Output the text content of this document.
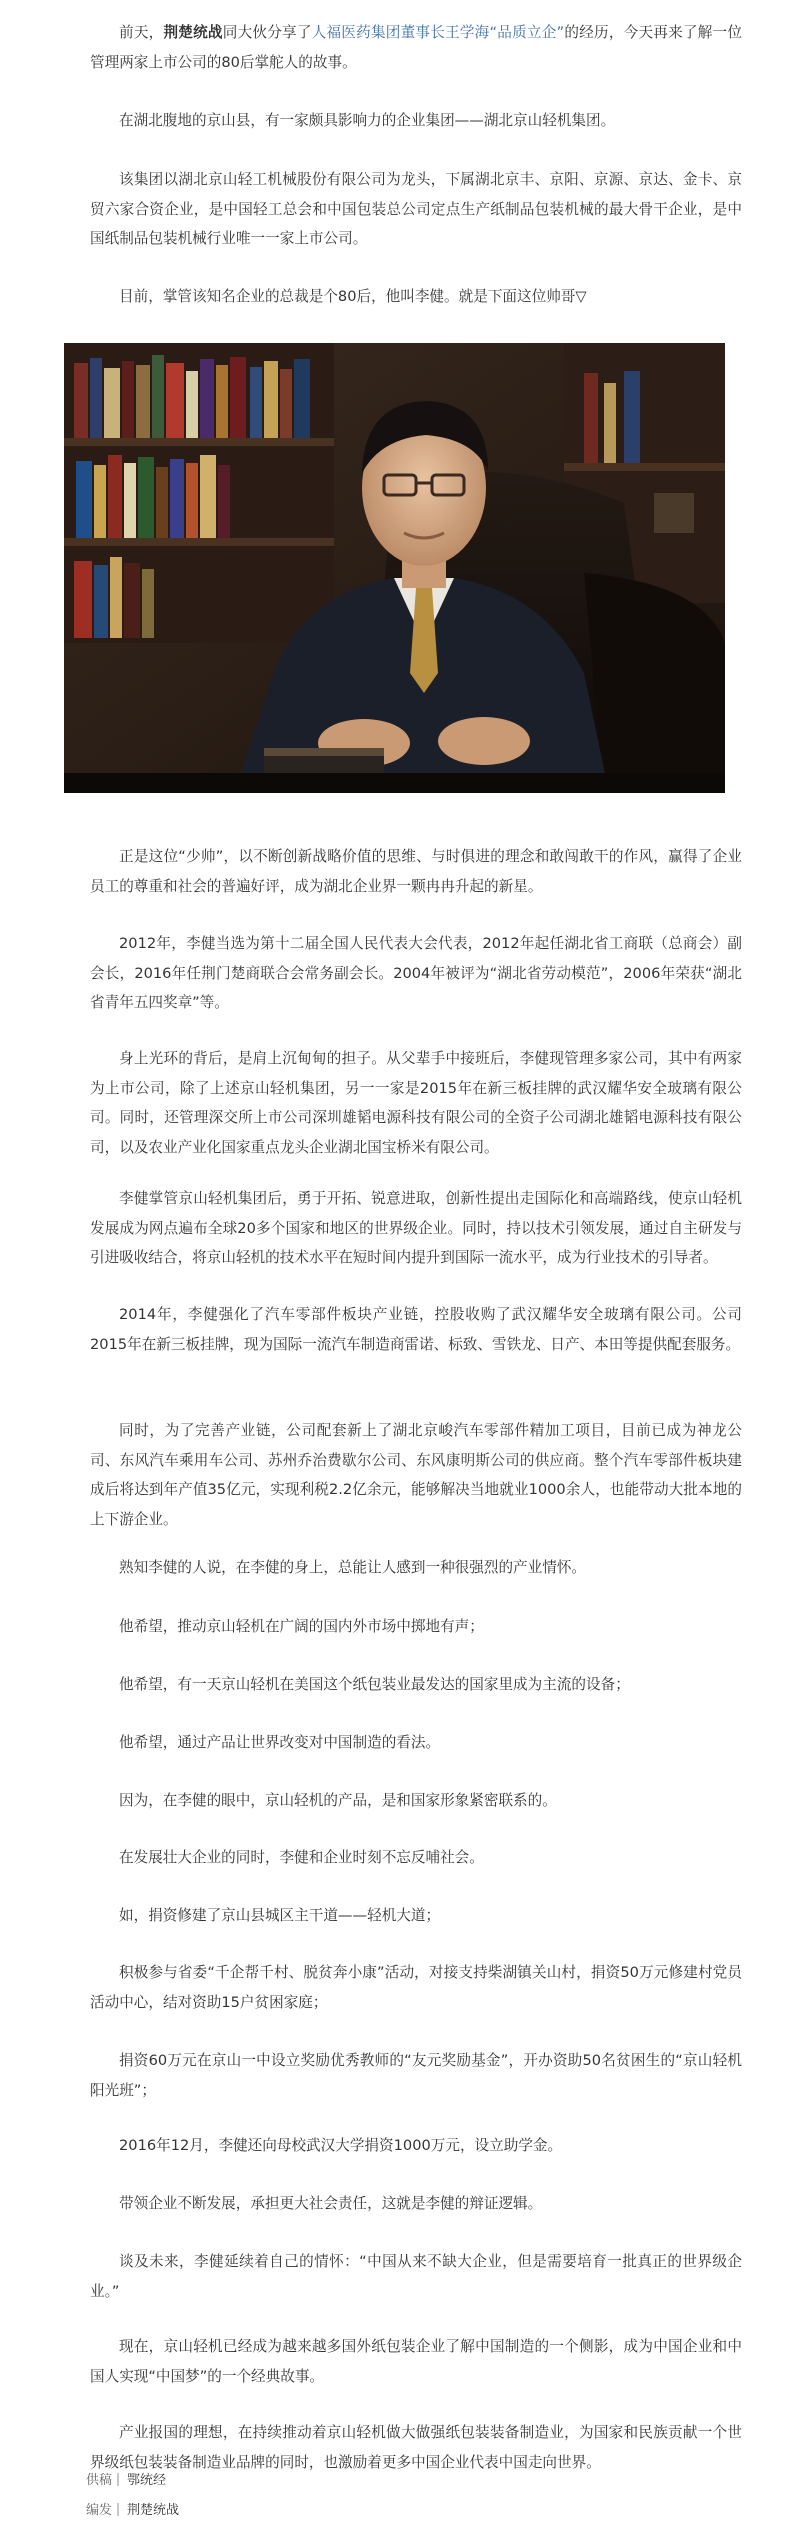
前天，荆楚统战同大伙分享了人福医药集团董事长王学海“品质立企”的经历，今天再来了解一位管理两家上市公司的80后掌舵人的故事。

在湖北腹地的京山县，有一家颇具影响力的企业集团——湖北京山轻机集团。

该集团以湖北京山轻工机械股份有限公司为龙头，下属湖北京丰、京阳、京源、京达、金卡、京贸六家合资企业，是中国轻工总会和中国包装总公司定点生产纸制品包装机械的最大骨干企业，是中国纸制品包装机械行业唯一一家上市公司。

目前，掌管该知名企业的总裁是个80后，他叫李健。就是下面这位帅哥▽

正是这位“少帅”，以不断创新战略价值的思维、与时俱进的理念和敢闯敢干的作风，赢得了企业员工的尊重和社会的普遍好评，成为湖北企业界一颗冉冉升起的新星。

2012年，李健当选为第十二届全国人民代表大会代表，2012年起任湖北省工商联（总商会）副会长，2016年任荆门楚商联合会常务副会长。2004年被评为“湖北省劳动模范”，2006年荣获“湖北省青年五四奖章”等。

身上光环的背后，是肩上沉甸甸的担子。从父辈手中接班后，李健现管理多家公司，其中有两家为上市公司，除了上述京山轻机集团，另一一家是2015年在新三板挂牌的武汉耀华安全玻璃有限公司。同时，还管理深交所上市公司深圳雄韬电源科技有限公司的全资子公司湖北雄韬电源科技有限公司，以及农业产业化国家重点龙头企业湖北国宝桥米有限公司。

李健掌管京山轻机集团后，勇于开拓、锐意进取，创新性提出走国际化和高端路线，使京山轻机发展成为网点遍布全球20多个国家和地区的世界级企业。同时，持以技术引领发展，通过自主研发与引进吸收结合，将京山轻机的技术水平在短时间内提升到国际一流水平，成为行业技术的引导者。

2014年，李健强化了汽车零部件板块产业链，控股收购了武汉耀华安全玻璃有限公司。公司2015年在新三板挂牌，现为国际一流汽车制造商雷诺、标致、雪铁龙、日产、本田等提供配套服务。

同时，为了完善产业链，公司配套新上了湖北京峻汽车零部件精加工项目，目前已成为神龙公司、东风汽车乘用车公司、苏州乔治费歇尔公司、东风康明斯公司的供应商。整个汽车零部件板块建成后将达到年产值35亿元，实现利税2.2亿余元，能够解决当地就业1000余人，也能带动大批本地的上下游企业。

熟知李健的人说，在李健的身上，总能让人感到一种很强烈的产业情怀。

他希望，推动京山轻机在广阔的国内外市场中掷地有声；

他希望，有一天京山轻机在美国这个纸包装业最发达的国家里成为主流的设备；

他希望，通过产品让世界改变对中国制造的看法。

因为，在李健的眼中，京山轻机的产品，是和国家形象紧密联系的。

在发展壮大企业的同时，李健和企业时刻不忘反哺社会。

如，捐资修建了京山县城区主干道——轻机大道；

积极参与省委“千企帮千村、脱贫奔小康”活动，对接支持柴湖镇关山村，捐资50万元修建村党员活动中心，结对资助15户贫困家庭；

捐资60万元在京山一中设立奖励优秀教师的“友元奖励基金”，开办资助50名贫困生的“京山轻机阳光班”；

2016年12月，李健还向母校武汉大学捐资1000万元，设立助学金。

带领企业不断发展，承担更大社会责任，这就是李健的辩证逻辑。

谈及未来，李健延续着自己的情怀：“中国从来不缺大企业，但是需要培育一批真正的世界级企业。”

现在，京山轻机已经成为越来越多国外纸包装企业了解中国制造的一个侧影，成为中国企业和中国人实现“中国梦”的一个经典故事。

产业报国的理想，在持续推动着京山轻机做大做强纸包装装备制造业，为国家和民族贡献一个世界级纸包装装备制造业品牌的同时，也激励着更多中国企业代表中国走向世界。

供稿 鄂统经
编发 荆楚统战
